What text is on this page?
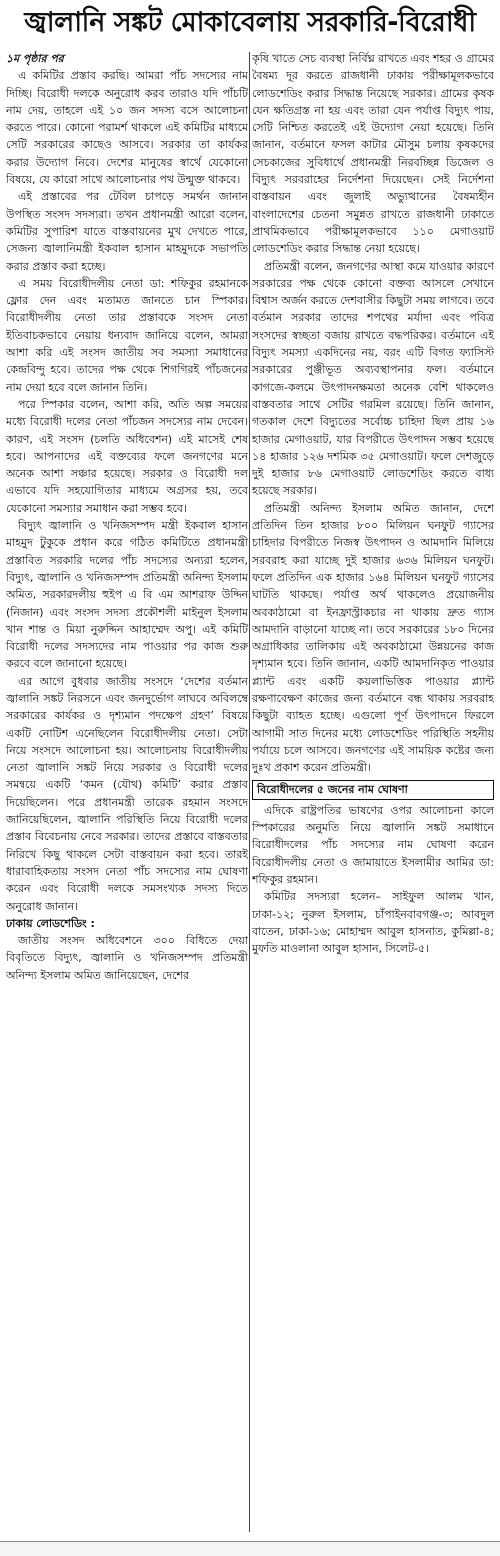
জ্বালানি সঙ্কট মোকাবেলায় সরকারি-বিরোধী

১ম পৃষ্ঠার পর

এ কমিটির প্রস্তাব করছি। আমরা পাঁচ সদস্যের নাম দিচ্ছি। বিরোধী দলকে অনুরোধ করব তারাও যদি পাঁচটি নাম দেয়, তাহলে এই ১০ জন সদস্য বসে আলোচনা করতে পারে। কোনো পরামর্শ থাকলে এই কমিটির মাধ্যমে সেটি সরকারের কাছেও আসবে। সরকার তা কার্যকর করার উদ্যোগ নিবে। দেশের মানুষের স্বার্থে যেকোনো বিষয়ে, যে কারো সাথে আলোচনার পথ উন্মুক্ত থাকবে।

এই প্রস্তাবের পর টেবিল চাপড়ে সমর্থন জানান উপস্থিত সংসদ সদস্যরা। তখন প্রধানমন্ত্রী আরো বলেন, কমিটির সুপারিশ যাতে বাস্তবায়নের মুখ দেখতে পারে, সেজন্য জ্বালানিমন্ত্রী ইকবাল হাসান মাহমুদকে সভাপতি করার প্রস্তাব করা হচ্ছে।

এ সময় বিরোধীদলীয় নেতা ডা: শফিকুর রহমানকে ফ্লোর দেন এবং মতামত জানতে চান স্পিকার। বিরোধীদলীয় নেতা তার প্রস্তাবকে সংসদ নেতা ইতিবাচকভাবে নেয়ায় ধন্যবাদ জানিয়ে বলেন, আমরা আশা করি এই সংসদ জাতীয় সব সমস্যা সমাধানের কেন্দ্রবিন্দু হবে। তাদের পক্ষ থেকে শিগগিরই পাঁচজনের নাম দেয়া হবে বলে জানান তিনি।

পরে স্পিকার বলেন, আশা করি, অতি অল্প সময়ের মধ্যে বিরোধী দলের নেতা পাঁচজন সদস্যের নাম দেবেন। কারণ, এই সংসদ (চলতি অধিবেশন) এই মাসেই শেষ হবে। আপনাদের এই বক্তব্যের ফলে জনগণের মনে অনেক আশা সঞ্চার হয়েছে। সরকার ও বিরোধী দল এভাবে যদি সহযোগিতার মাধ্যমে অগ্রসর হয়, তবে যেকোনো সমস্যার সমাধান করা সম্ভব হবে।

বিদ্যুৎ জ্বালানি ও খনিজসম্পদ মন্ত্রী ইকবাল হাসান মাহমুদ টুকুকে প্রধান করে গঠিত কমিটিতে প্রধানমন্ত্রী প্রস্তাবিত সরকারি দলের পাঁচ সদস্যের অন্যরা হলেন, বিদ্যুৎ, জ্বালানি ও খনিজসম্পদ প্রতিমন্ত্রী অনিন্দ্য ইসলাম অমিত, সরকারদলীয় হুইপ এ বি এম আশরাফ উদ্দিন (নিজান) এবং সংসদ সদস্য প্রকৌশলী মাইনুল ইসলাম খান শান্ত ও মিয়া নুরুদ্দিন আহাম্মেদ অপু। এই কমিটি বিরোধী দলের সদস্যদের নাম পাওয়ার পর কাজ শুরু করবে বলে জানানো হয়েছে।

এর আগে বুধবার জাতীয় সংসদে ‘দেশের বর্তমান জ্বালানি সঙ্কট নিরসনে এবং জনদুর্ভোগ লাঘবে অবিলম্বে সরকারের কার্যকর ও দৃশ্যমান পদক্ষেপ গ্রহণ’ বিষয়ে একটি নোটিশ এনেছিলেন বিরোধীদলীয় নেতা। সেটা নিয়ে সংসদে আলোচনা হয়। আলোচনায় বিরোধীদলীয় নেতা জ্বালানি সঙ্কট নিয়ে সরকার ও বিরোধী দলের সমন্বয়ে একটি ‘কমন (যৌথ) কমিটি’ করার প্রস্তাব দিয়েছিলেন। পরে প্রধানমন্ত্রী তারেক রহমান সংসদে জানিয়েছিলেন, জ্বালানি পরিস্থিতি নিয়ে বিরোধী দলের প্রস্তাব বিবেচনায় নেবে সরকার। তাদের প্রস্তাবে বাস্তবতার নিরিখে কিছু থাকলে সেটা বাস্তবায়ন করা হবে। তারই ধারাবাহিকতায় সংসদ নেতা পাঁচ সদস্যের নাম ঘোষণা করেন এবং বিরোধী দলকে সমসংখ্যক সদস্য দিতে অনুরোধ জানান।

ঢাকায় লোডশেডিং :

জাতীয় সংসদ অধিবেশনে ৩০০ বিধিতে দেয়া বিবৃতিতে বিদ্যুৎ, জ্বালানি ও খনিজসম্পদ প্রতিমন্ত্রী অনিন্দ্য ইসলাম অমিত জানিয়েছেন, দেশের

কৃষি খাতে সেচ ব্যবস্থা নির্বিঘ্ন রাখতে এবং শহর ও গ্রামের বৈষম্য দূর করতে রাজধানী ঢাকায় পরীক্ষামূলকভাবে লোডশেডিং করার সিদ্ধান্ত নিয়েছে সরকার। গ্রামের কৃষক যেন ক্ষতিগ্রস্ত না হয় এবং তারা যেন পর্যাপ্ত বিদ্যুৎ পায়, সেটি নিশ্চিত করতেই এই উদ্যোগ নেয়া হয়েছে। তিনি জানান, বর্তমানে ফসল কাটার মৌসুম চলায় কৃষকদের সেচকাজের সুবিধার্থে প্রধানমন্ত্রী নিরবচ্ছিন্ন ডিজেল ও বিদ্যুৎ সরবরাহের নির্দেশনা দিয়েছেন। সেই নির্দেশনা বাস্তবায়ন এবং জুলাই অভ্যুত্থানের বৈষম্যহীন বাংলাদেশের চেতনা সমুন্নত রাখতে রাজধানী ঢাকাতে প্রাথমিকভাবে পরীক্ষামূলকভাবে ১১০ মেগাওয়াট লোডশেডিং করার সিদ্ধান্ত নেয়া হয়েছে।

প্রতিমন্ত্রী বলেন, জনগণের আস্থা কমে যাওয়ার কারণে সরকারের পক্ষ থেকে কোনো বক্তব্য আসলে সেখানে বিশ্বাস অর্জন করতে দেশবাসীর কিছুটা সময় লাগবে। তবে বর্তমান সরকার তাদের শপথের মর্যাদা এবং পবিত্র সংসদের স্বচ্ছতা বজায় রাখতে বদ্ধপরিকর। বর্তমানে এই বিদ্যুৎ সমস্যা একদিনের নয়, বরং এটি বিগত ফ্যাসিস্ট সরকারের পুঞ্জীভূত অব্যবস্থাপনার ফল। বর্তমানে কাগজে-কলমে উৎপাদনক্ষমতা অনেক বেশি থাকলেও বাস্তবতার সাথে সেটির গরমিল রয়েছে। তিনি জানান, গতকাল দেশে বিদ্যুতের সর্বোচ্চ চাহিদা ছিল প্রায় ১৬ হাজার মেগাওয়াট, যার বিপরীতে উৎপাদন সম্ভব হয়েছে ১৪ হাজার ১২৬ দশমিক ৩৫ মেগাওয়াট। ফলে দেশজুড়ে দুই হাজার ৮৬ মেগাওয়াট লোডশেডিং করতে বাধ্য হয়েছে সরকার।

প্রতিমন্ত্রী অনিন্দ্য ইসলাম অমিত জানান, দেশে প্রতিদিন তিন হাজার ৮০০ মিলিয়ন ঘনফুট গ্যাসের চাহিদার বিপরীতে নিজস্ব উৎপাদন ও আমদানি মিলিয়ে সরবরাহ করা যাচ্ছে দুই হাজার ৬৩৬ মিলিয়ন ঘনফুট। ফলে প্রতিদিন এক হাজার ১৬৪ মিলিয়ন ঘনফুট গ্যাসের ঘাটতি থাকছে। পর্যাপ্ত অর্থ থাকলেও প্রয়োজনীয় অবকাঠামো বা ইনফ্রাস্ট্রাকচার না থাকায় দ্রুত গ্যাস আমদানি বাড়ানো যাচ্ছে না। তবে সরকারের ১৮০ দিনের অগ্রাধিকার তালিকায় এই অবকাঠামো উন্নয়নের কাজ দৃশ্যমান হবে। তিনি জানান, একটি আমদানিকৃত পাওয়ার প্ল্যান্ট এবং একটি কয়লাভিত্তিক পাওয়ার প্ল্যান্ট রক্ষণাবেক্ষণ কাজের জন্য বর্তমানে বন্ধ থাকায় সরবরাহ কিছুটা ব্যাহত হচ্ছে। এগুলো পূর্ণ উৎপাদনে ফিরলে আগামী সাত দিনের মধ্যে লোডশেডিং পরিস্থিতি সহনীয় পর্যায়ে চলে আসবে। জনগণের এই সাময়িক কষ্টের জন্য দুঃখ প্রকাশ করেন প্রতিমন্ত্রী।

বিরোধীদলের ৫ জনের নাম ঘোষণা

এদিকে রাষ্ট্রপতির ভাষণের ওপর আলোচনা কালে স্পিকারের অনুমতি নিয়ে জ্বালানি সঙ্কট সমাধানে বিরোধীদলের পাঁচ সদস্যের নাম ঘোষণা করেন বিরোধীদলীয় নেতা ও জামায়াতে ইসলামীর আমির ডা: শফিকুর রহমান।

কমিটির সদস্যরা হলেন– সাইফুল আলম খান, ঢাকা-১২; নুরুল ইসলাম, চাঁপাইনবাবগঞ্জ-৩; আবদুল বাতেন, ঢাকা-১৬; মোহাম্মদ আবুল হাসনাত, কুমিল্লা-৪; মুফতি মাওলানা আবুল হাসান, সিলেট-৫।
